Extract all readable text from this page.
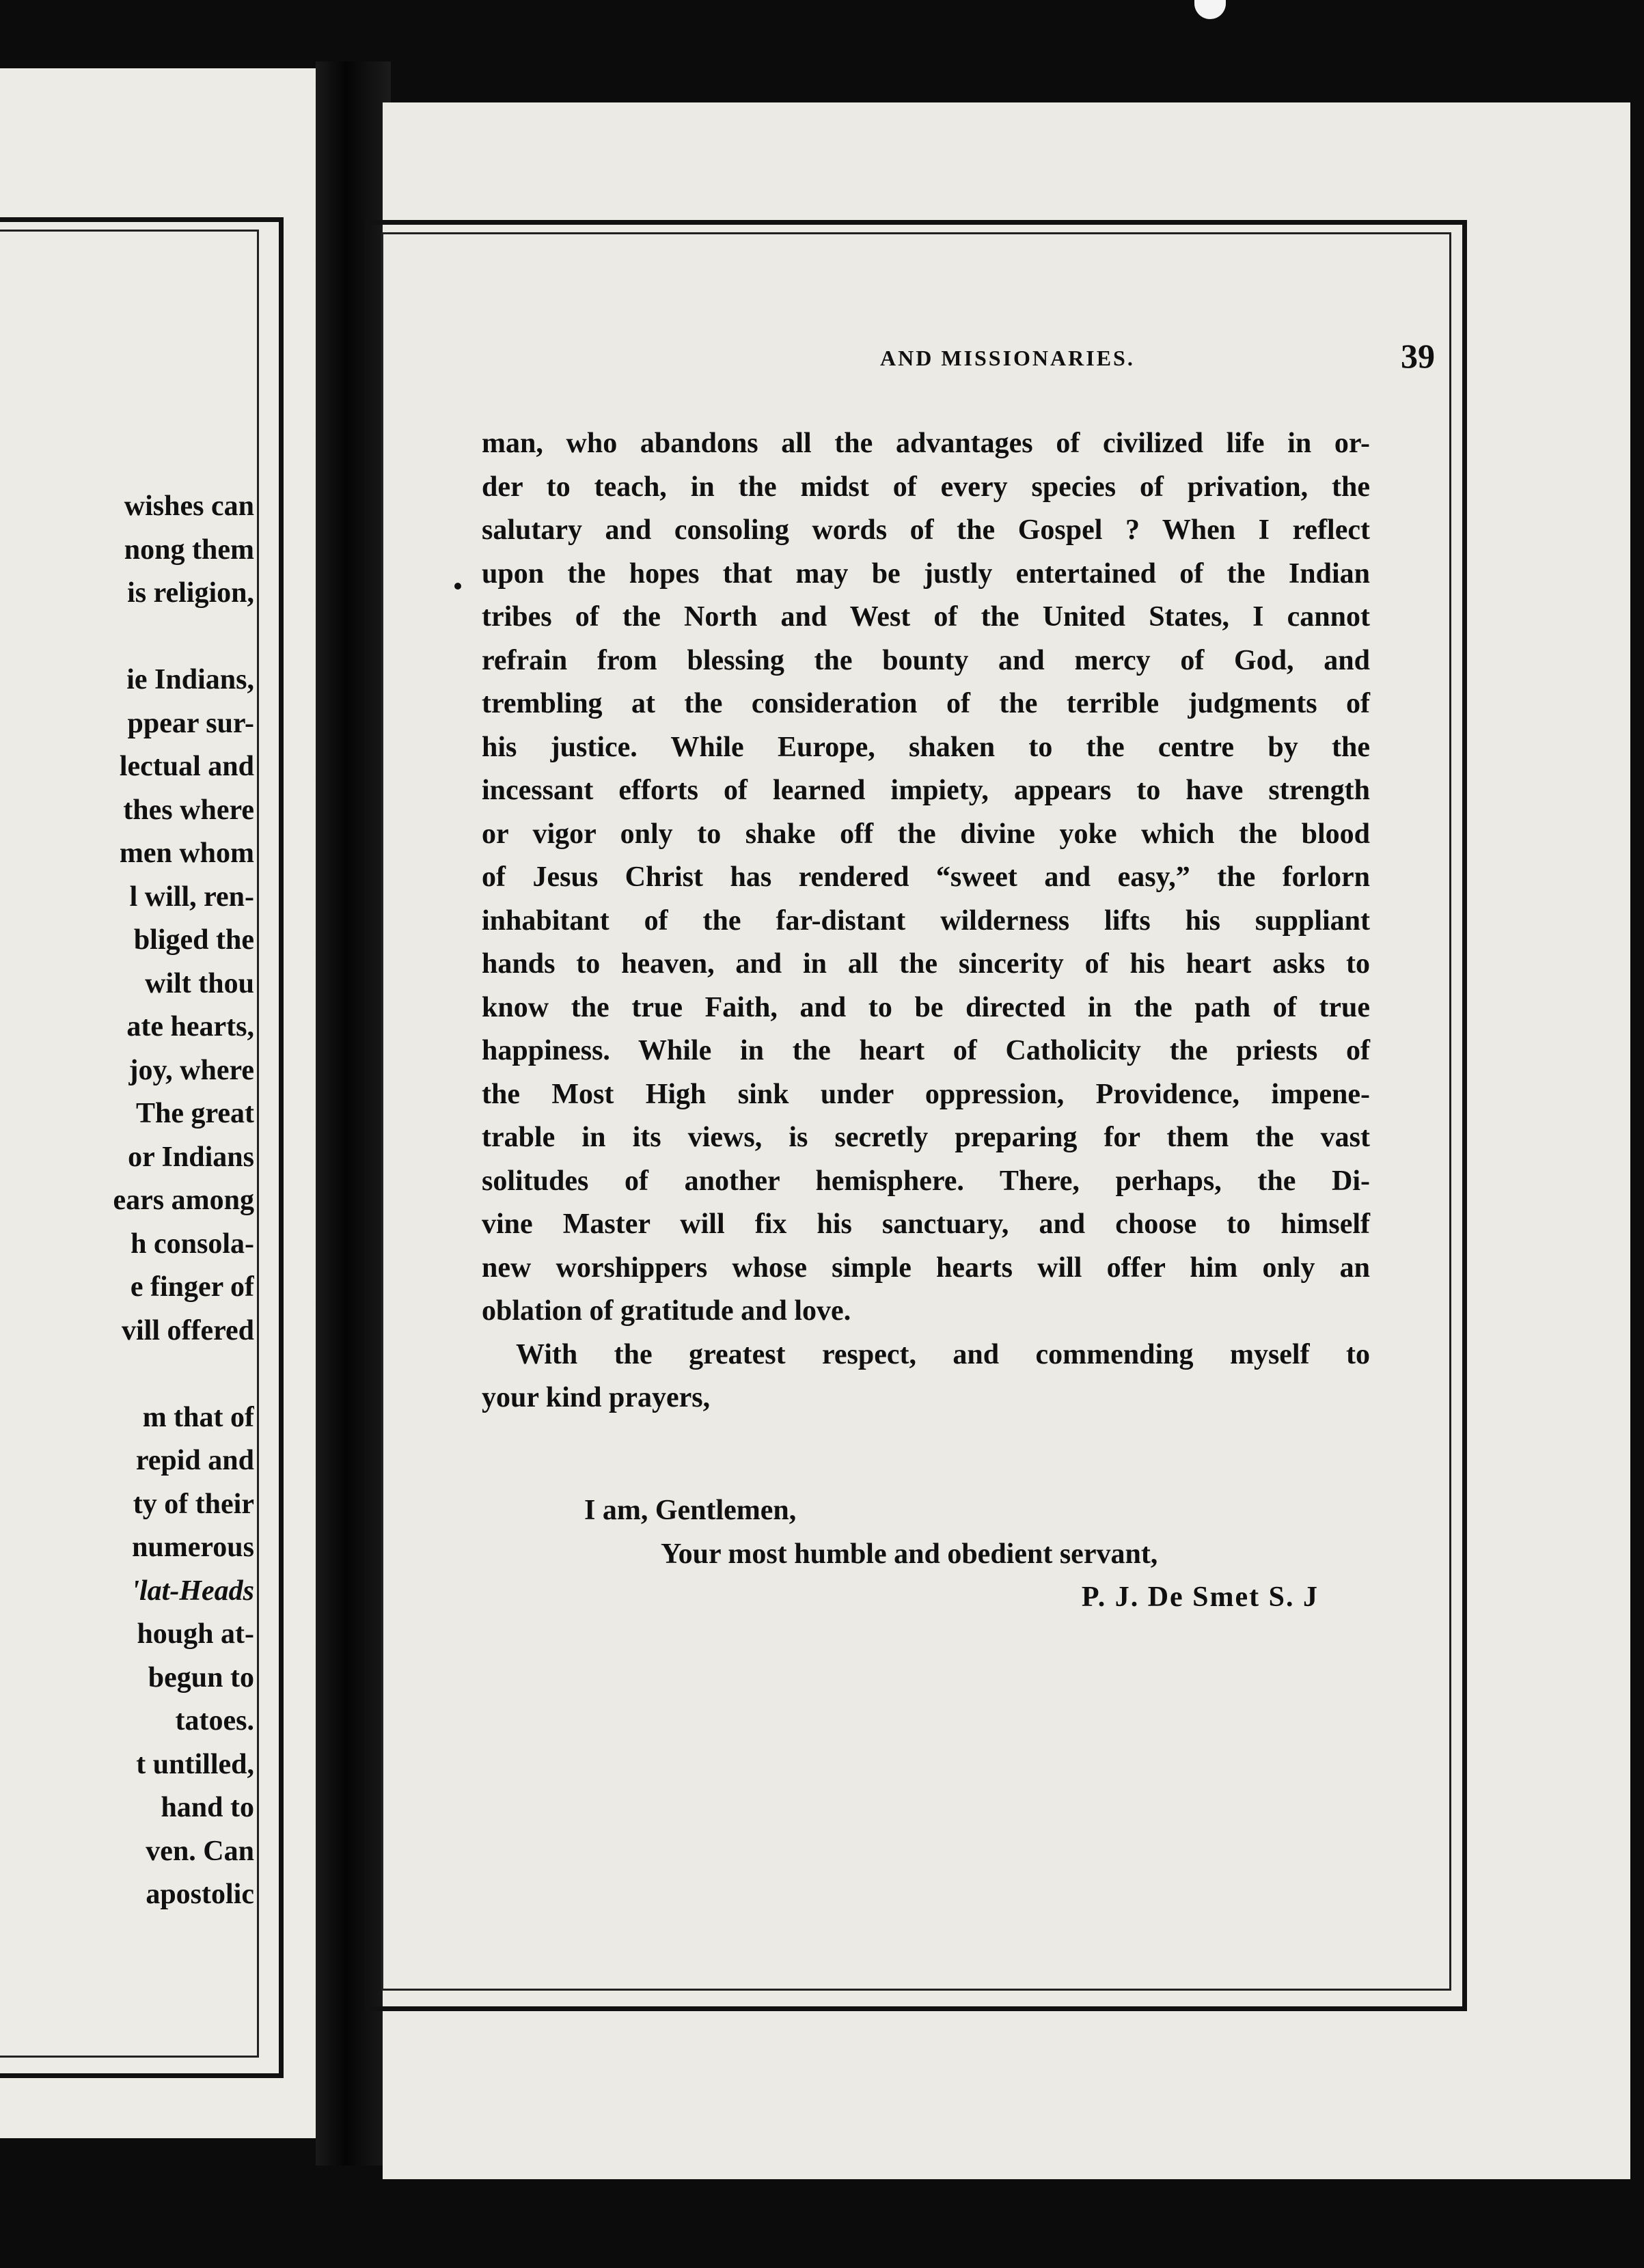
wishes can
nong them
is religion,
ie Indians,
ppear sur-
lectual and
thes where
men whom
l will, ren-
bliged the
wilt thou
ate hearts,
joy, where
The great
or Indians
ears among
h consola-
e finger of
vill offered
m that of
repid and
ty of their
numerous
'lat-Heads
hough at-
begun to
tatoes.
t untilled,
hand to
ven. Can
apostolic
AND MISSIONARIES.	39
man, who abandons all the advantages of civilized life in or-
der to teach, in the midst of every species of privation, the
salutary and consoling words of the Gospel ? When I reflect
upon the hopes that may be justly entertained of the Indian
tribes of the North and West of the United States, I cannot
refrain from blessing the bounty and mercy of God, and
trembling at the consideration of the terrible judgments of
his justice. While Europe, shaken to the centre by the
incessant efforts of learned impiety, appears to have strength
or vigor only to shake off the divine yoke which the blood
of Jesus Christ has rendered “sweet and easy,” the forlorn
inhabitant of the far-distant wilderness lifts his suppliant
hands to heaven, and in all the sincerity of his heart asks to
know the true Faith, and to be directed in the path of true
happiness. While in the heart of Catholicity the priests of
the Most High sink under oppression, Providence, impene-
trable in its views, is secretly preparing for them the vast
solitudes of another hemisphere. There, perhaps, the Di-
vine Master will fix his sanctuary, and choose to himself
new worshippers whose simple hearts will offer him only an
oblation of gratitude and love.
With the greatest respect, and commending myself to
your kind prayers,
I am, Gentlemen,
Your most humble and obedient servant,
P. J. De Smet S. J
